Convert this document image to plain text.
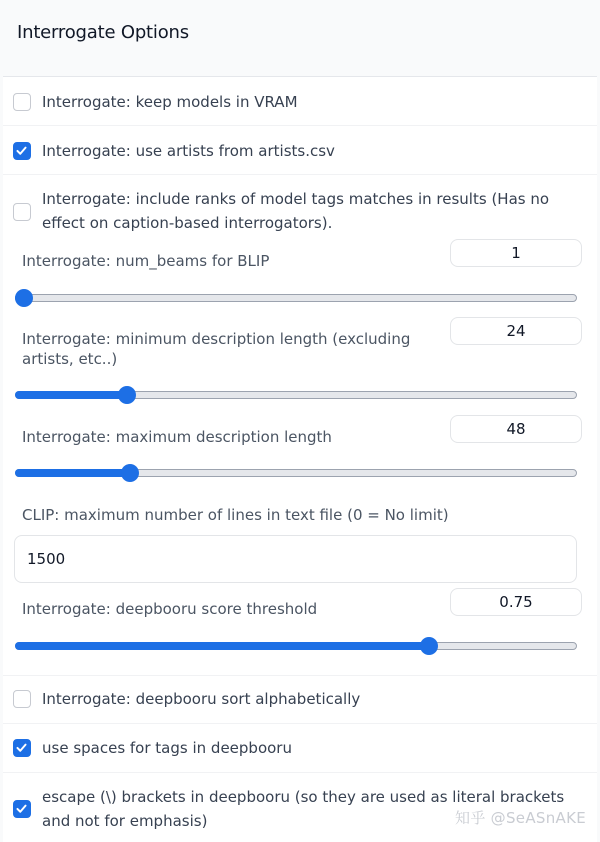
Interrogate Options
Interrogate: keep models in VRAM
Interrogate: use artists from artists.csv
Interrogate: include ranks of model tags matches in results (Has no effect on caption-based interrogators).
Interrogate: num_beams for BLIP	1
Interrogate: minimum description length (excluding artists, etc..)
24
Interrogate: maximum description length	48
CLIP: maximum number of lines in text file (0 = No limit)
1500
Interrogate: deepbooru score threshold	0.75
Interrogate: deepbooru sort alphabetically
use spaces for tags in deepbooru
escape (\) brackets in deepbooru (so they are used as literal brackets and not for emphasis)	知乎 @SeASnAKE
